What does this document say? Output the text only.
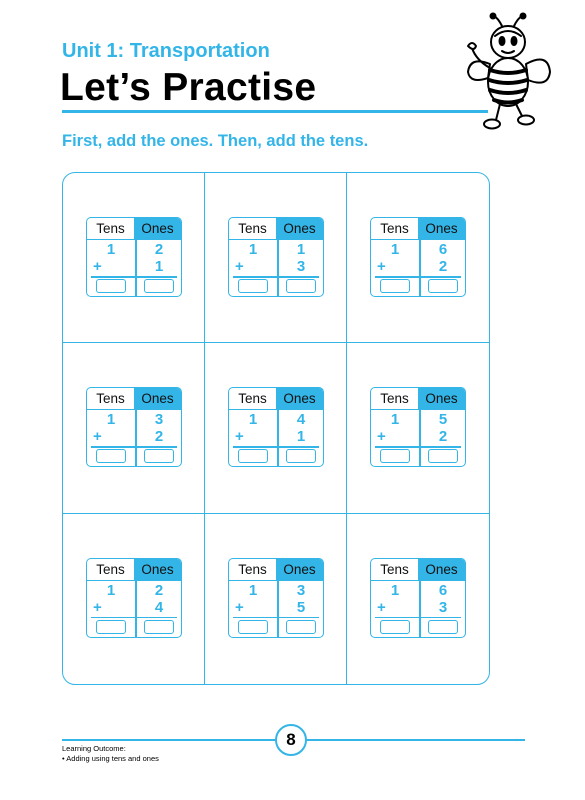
Unit 1: Transportation

Let’s Practise

First, add the ones. Then, add the tens.

Tens	Ones
1	2
+	1
Tens	Ones
1	1
+	3
Tens	Ones
1	6
+	2
Tens	Ones
1	3
+	2
Tens	Ones
1	4
+	1
Tens	Ones
1	5
+	2
Tens	Ones
1	2
+	4
Tens	Ones
1	3
+	5
Tens	Ones
1	6
+	3
8

Learning Outcome:

• Adding using tens and ones
